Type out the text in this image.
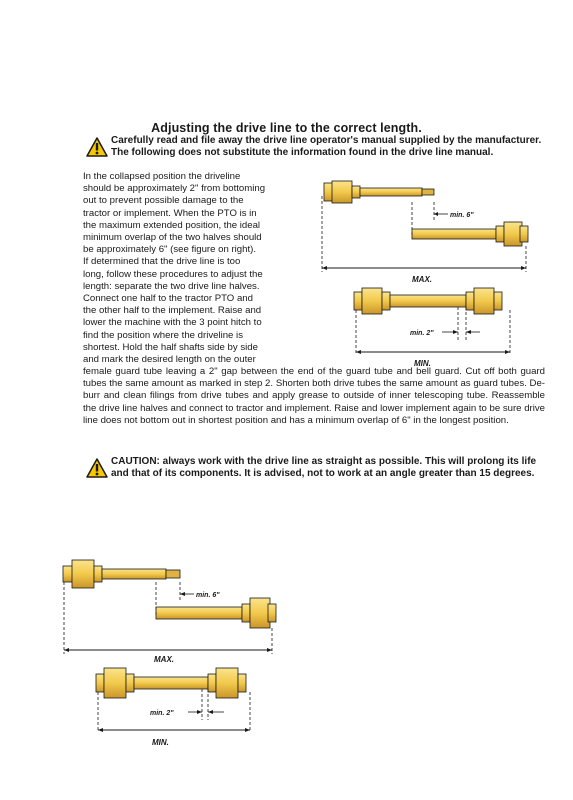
Adjusting the drive line to the correct length.
Carefully read and file away the drive line operator's manual supplied by the manufacturer. The following does not substitute the information found in the drive line manual.
In the collapsed position the driveline
should be approximately 2" from bottoming
out to prevent possible damage to the
tractor or implement. When the PTO is in
the maximum extended position, the ideal
minimum overlap of the two halves should
be approximately 6" (see figure on right).
If determined that the drive line is too
long, follow these procedures to adjust the
length: separate the two drive line halves.
Connect one half to the tractor PTO and
the other half to the implement. Raise and
lower the machine with the 3 point hitch to
find the position where the driveline is
shortest. Hold the half shafts side by side
and mark the desired length on the outer
female guard tube leaving a 2" gap between the end of the guard tube and bell guard. Cut off both guard tubes the same amount as marked in step 2. Shorten both drive tubes the same amount as guard tubes. De-burr and clean filings from drive tubes and apply grease to outside of inner telescoping tube. Reassemble the drive line halves and connect to tractor and implement. Raise and lower implement again to be sure drive line does not bottom out in shortest position and has a minimum overlap of 6" in the longest position.
CAUTION: always work with the drive line as straight as possible. This will prolong its life and that of its components. It is advised, not to work at an angle greater than 15 degrees.
min. 6"
MAX.
min. 2"
MIN.
min. 6"
MAX.
min. 2"
MIN.
